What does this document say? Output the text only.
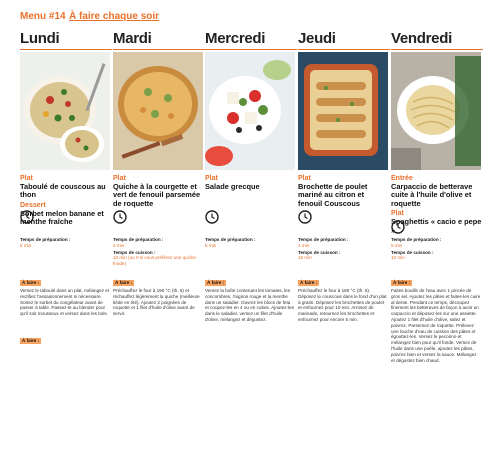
Menu #14 À faire chaque soir
Lundi
Plat
Taboulé de couscous au thon
Dessert
Sorbet melon banane et menthe fraîche
Temps de préparation :
5 min
À faire :
Versez le taboulé dans un plat, mélangez et rectifiez l'assaisonnement si nécessaire. Sortez le sorbet du congélateur avant de passer à table. Passez-le au blender pour qu'il soit mousseux et versez dans les bols.
Mardi
Plat
Quiche à la courgette et vert de fenouil parsemée de roquette
Temps de préparation :
2 min
Temps de cuisson :
10 min (ou 0 si vous préférez une quiche froide)
À faire :
Préchauffez le four à 190 °C (th. 6) et réchauffez légèrement la quiche (meilleure tiède en été). Ajoutez 2 poignées de roquette et 1 filet d'huile d'olive avant de servir.
Mercredi
Plat
Salade grecque
Temps de préparation :
5 min
À faire :
Versez la boîte contenant les tomates, les concombres, l'oignon rouge et la menthe dans un saladier. Ouvrez les blocs de feta et coupez-les en 4 ou en cubes. Ajoutez-les dans le saladier, versez un filet d'huile d'olive, mélangez et dégustez.
Jeudi
Plat
Brochette de poulet mariné au citron et fenouil Couscous
Temps de préparation :
1 min
Temps de cuisson :
15 min
À faire :
Préchauffez le four à 180 °C (th. 6). Déposez le couscous dans le fond d'un plat à gratin. Déposez les brochettes de poulet et enfournez pour 10 min. Arrosez de marinade, retournez les brochettes et enfournez pour encore 5 min.
Vendredi
Entrée
Carpaccio de betterave cuite à l'huile d'olive et roquette
Plat
Spaghettis « cacio e pepe »
Temps de préparation :
5 min
Temps de cuisson :
10 min
À faire :
Faites bouillir de l'eau avec 1 pincée de gros sel. Ajoutez les pâtes et faites-les cuire al dente. Pendant ce temps, découpez finement les betteraves de façon à avoir un carpaccio et déposez-les sur une assiette. Ajoutez 1 filet d'huile d'olive, salez et poivrez. Parsemez de roquette. Prélevez une louche d'eau de cuisson des pâtes et égouttez-les. Versez le pecorino et mélangez bien pour qu'il fonde. Versez de l'huile dans une poêle, ajoutez les pâtes, poivrez bien et versez la sauce. Mélangez et dégustez bien chaud.
À faire :
